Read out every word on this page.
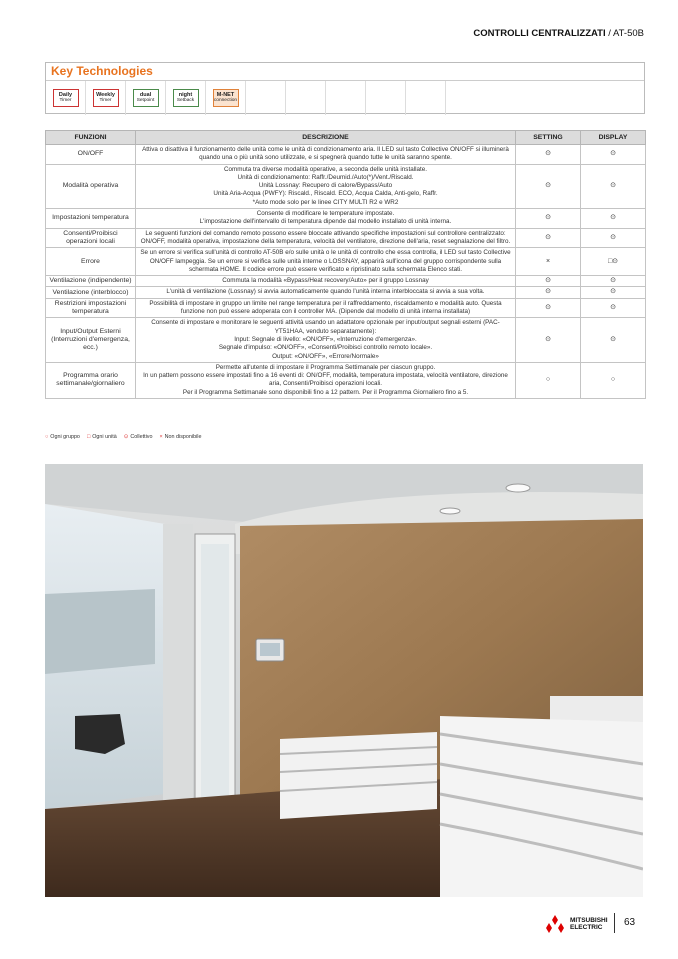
CONTROLLI CENTRALIZZATI / AT-50B
Key Technologies
Daily
Timer
Weekly
Timer
dual
Setpoint
night
Setback
M-NET
connection
FUNZIONI	DESCRIZIONE	SETTING	DISPLAY
ON/OFF	Attiva o disattiva il funzionamento delle unità come le unità di condizionamento aria. Il LED sul tasto Collective ON/OFF si illuminerà quando una o più unità sono utilizzate, e si spegnerà quando tutte le unità saranno spente.	⊙	⊙
Modalità operativa	Commuta tra diverse modalità operative, a seconda delle unità installate.
Unità di condizionamento: Raffr./Deumid./Auto(*)/Vent./Riscald.
Unità Lossnay: Recupero di calore/Bypass/Auto
Unità Aria-Acqua (PWFY): Riscald., Riscald. ECO, Acqua Calda, Anti-gelo, Raffr.
*Auto mode solo per le linee CITY MULTI R2 e WR2	⊙	⊙
Impostazioni temperatura	Consente di modificare le temperature impostate.
L'impostazione dell'intervallo di temperatura dipende dal modello installato di unità interna.	⊙	⊙
Consenti/Proibisci operazioni locali	Le seguenti funzioni del comando remoto possono essere bloccate attivando specifiche impostazioni sul controllore centralizzato: ON/OFF, modalità operativa, impostazione della temperatura, velocità del ventilatore, direzione dell'aria, reset segnalazione del filtro.	⊙	⊙
Errore	Se un errore si verifica sull'unità di controllo AT-50B e/o sulle unità o le unità di controllo che essa controlla, il LED sul tasto Collective ON/OFF lampeggia. Se un errore si verifica sulle unità interne o LOSSNAY, apparirà sull'icona del gruppo corrispondente sulla schermata HOME. Il codice errore può essere verificato e ripristinato sulla schermata Elenco stati.	×	□⊙
Ventilazione (indipendente)	Commuta la modalità «Bypass/Heat recovery/Auto» per il gruppo Lossnay	⊙	⊙
Ventilazione (interblocco)	L'unità di ventilazione (Lossnay) si avvia automaticamente quando l'unità interna interbloccata si avvia a sua volta.	⊙	⊙
Restrizioni impostazioni temperatura	Possibilità di impostare in gruppo un limite nel range temperatura per il raffreddamento, riscaldamento e modalità auto. Questa funzione non può essere adoperata con il controller MA. (Dipende dal modello di unità interna installata)	⊙	⊙
Input/Output Esterni (Interruzioni d'emergenza, ecc.)	Consente di impostare e monitorare le seguenti attività usando un adattatore opzionale per input/output segnali esterni (PAC-YT51HAA, venduto separatamente):
Input: Segnale di livello: «ON/OFF», «Interruzione d'emergenza».
Segnale d'impulso: «ON/OFF», «Consenti/Proibisci controllo remoto locale».
Output: «ON/OFF», «Errore/Normale»	⊙	⊙
Programma orario settimanale/giornaliero	Permette all'utente di impostare il Programma Settimanale per ciascun gruppo.
In un pattern possono essere impostati fino a 16 eventi di: ON/OFF, modalità, temperatura impostata, velocità ventilatore, direzione aria, Consenti/Proibisci operazioni locali.
Per il Programma Settimanale sono disponibili fino a 12 pattern. Per il Programma Giornaliero fino a 5.	○	○
○ Ogni gruppo □ Ogni unità ⊙ Collettivo × Non disponibile
MITSUBISHI
ELECTRIC	63
